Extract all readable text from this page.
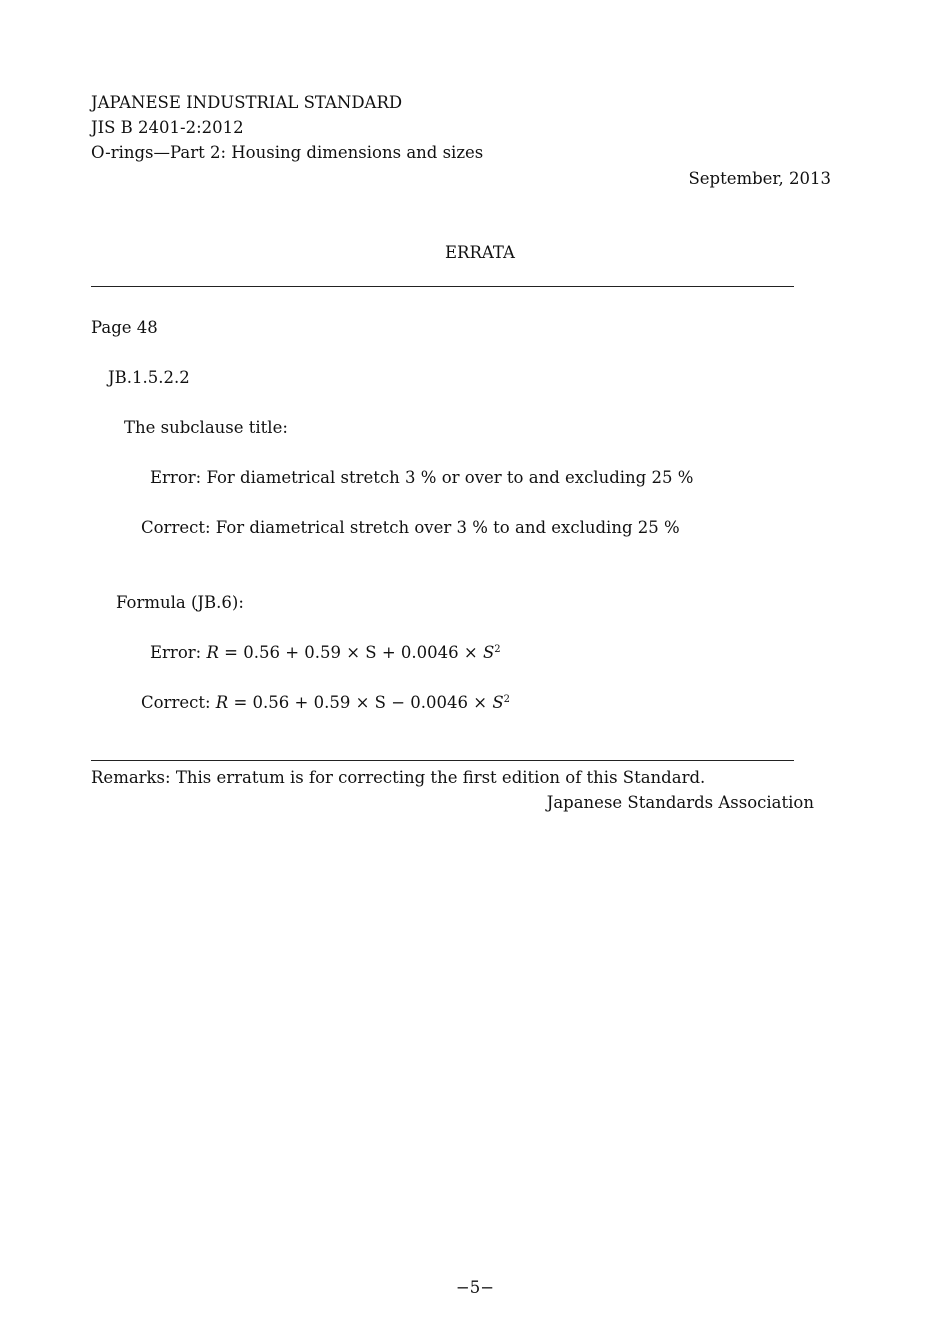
JAPANESE INDUSTRIAL STANDARD
JIS B 2401-2:2012
O-rings—Part 2: Housing dimensions and sizes
September, 2013
ERRATA
Page 48
JB.1.5.2.2
The subclause title:
Error: For diametrical stretch 3 % or over to and excluding 25 %
Correct: For diametrical stretch over 3 % to and excluding 25 %
Formula (JB.6):
Error: $R = 0.56 + 0.59 \times S + 0.0046 \times S^2$
Correct: $R = 0.56 + 0.59 \times S - 0.0046 \times S^2$
Remarks: This erratum is for correcting the first edition of this Standard.
Japanese Standards Association
−5−
